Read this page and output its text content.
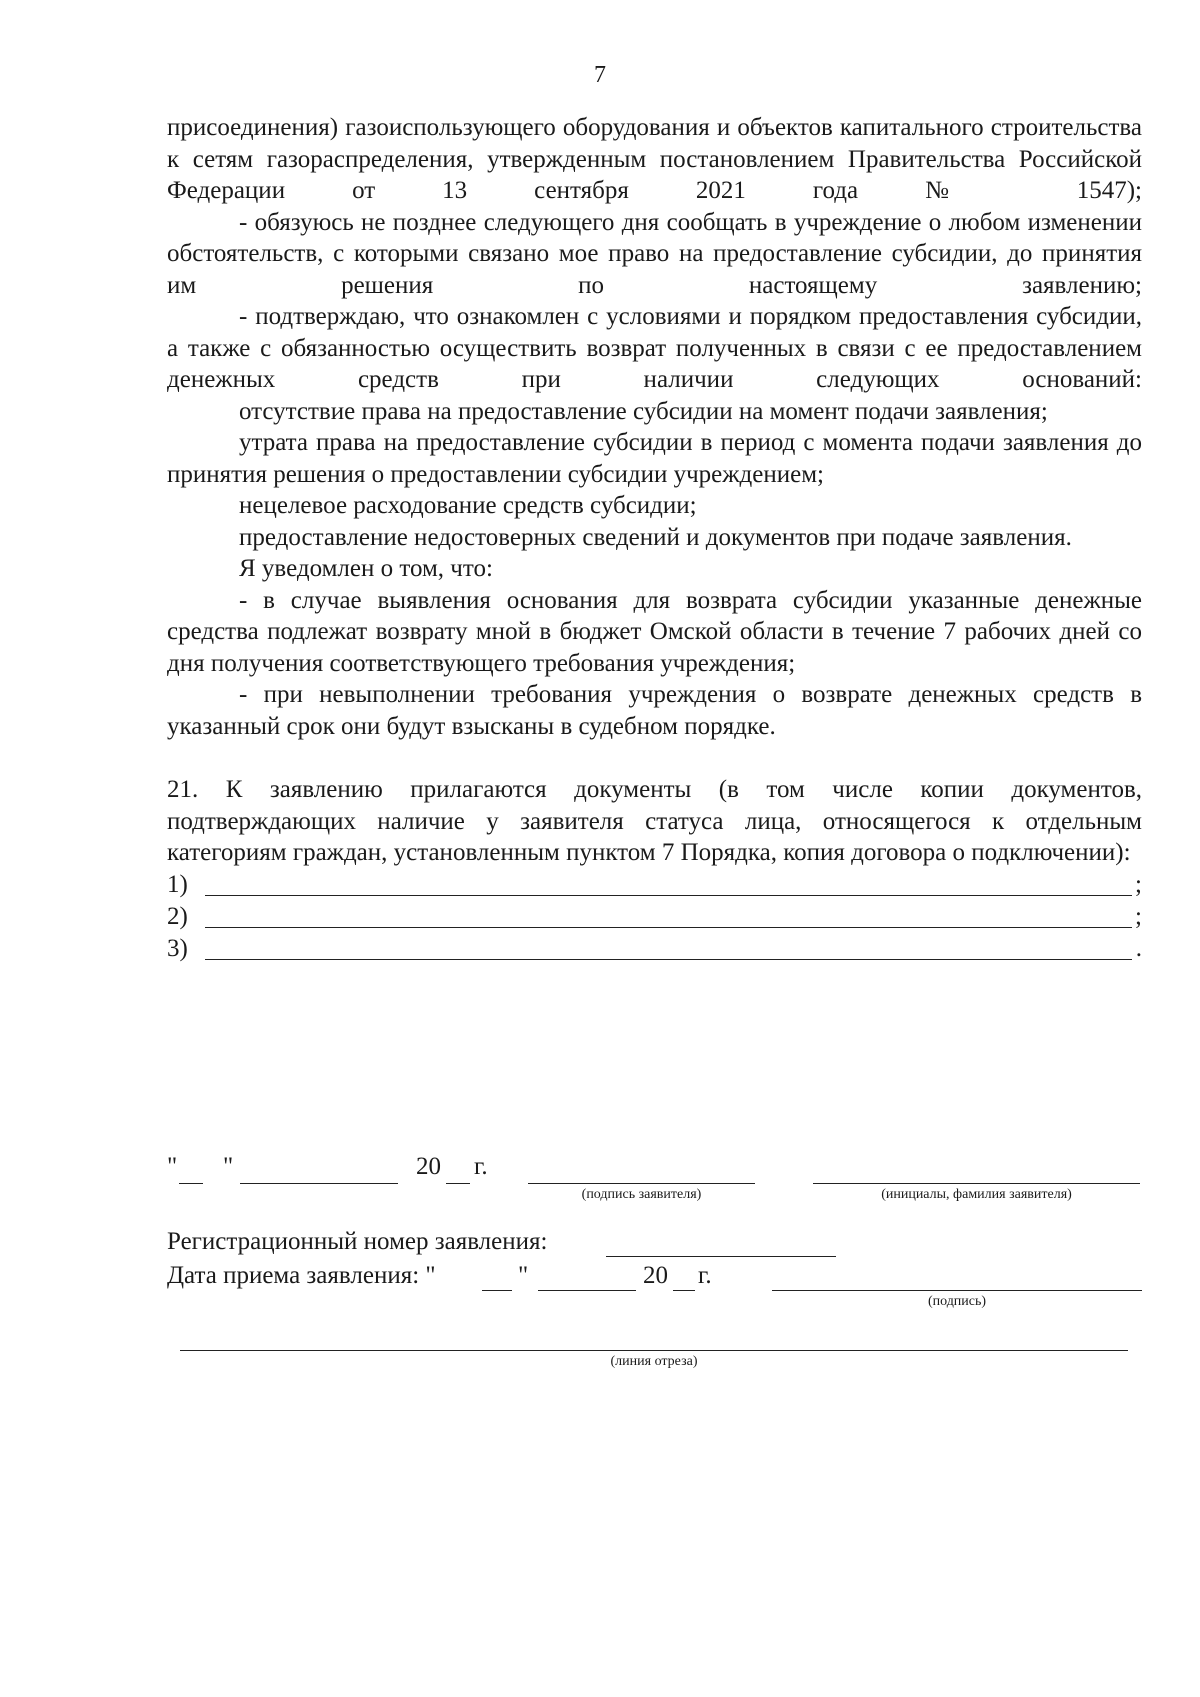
7

присоединения) газоиспользующего оборудования и объектов капитального строительства к сетям газораспределения, утвержденным постановлением Правительства Российской Федерации от 13 сентября 2021 года № 1547);

- обязуюсь не позднее следующего дня сообщать в учреждение о любом изменении обстоятельств, с которыми связано мое право на предоставление субсидии, до принятия им решения по настоящему заявлению;

- подтверждаю, что ознакомлен с условиями и порядком предоставления субсидии, а также с обязанностью осуществить возврат полученных в связи с ее предоставлением денежных средств при наличии следующих оснований:

отсутствие права на предоставление субсидии на момент подачи заявления;

утрата права на предоставление субсидии в период с момента подачи заявления до принятия решения о предоставлении субсидии учреждением;

нецелевое расходование средств субсидии;

предоставление недостоверных сведений и документов при подаче заявления.

Я уведомлен о том, что:

- в случае выявления основания для возврата субсидии указанные денежные средства подлежат возврату мной в бюджет Омской области в течение 7 рабочих дней со дня получения соответствующего требования учреждения;

- при невыполнении требования учреждения о возврате денежных средств в указанный срок они будут взысканы в судебном порядке.

21. К заявлению прилагаются документы (в том числе копии документов, подтверждающих наличие у заявителя статуса лица, относящегося к отдельным категориям граждан, установленным пунктом 7 Порядка, копия договора о подключении):

1)	;
2)	;
3)	.
" "	20 г.
(подпись заявителя)	(инициалы, фамилия заявителя)
Регистрационный номер заявления:
Дата приема заявления: "	"	20 г.
(подпись)
(линия отреза)
